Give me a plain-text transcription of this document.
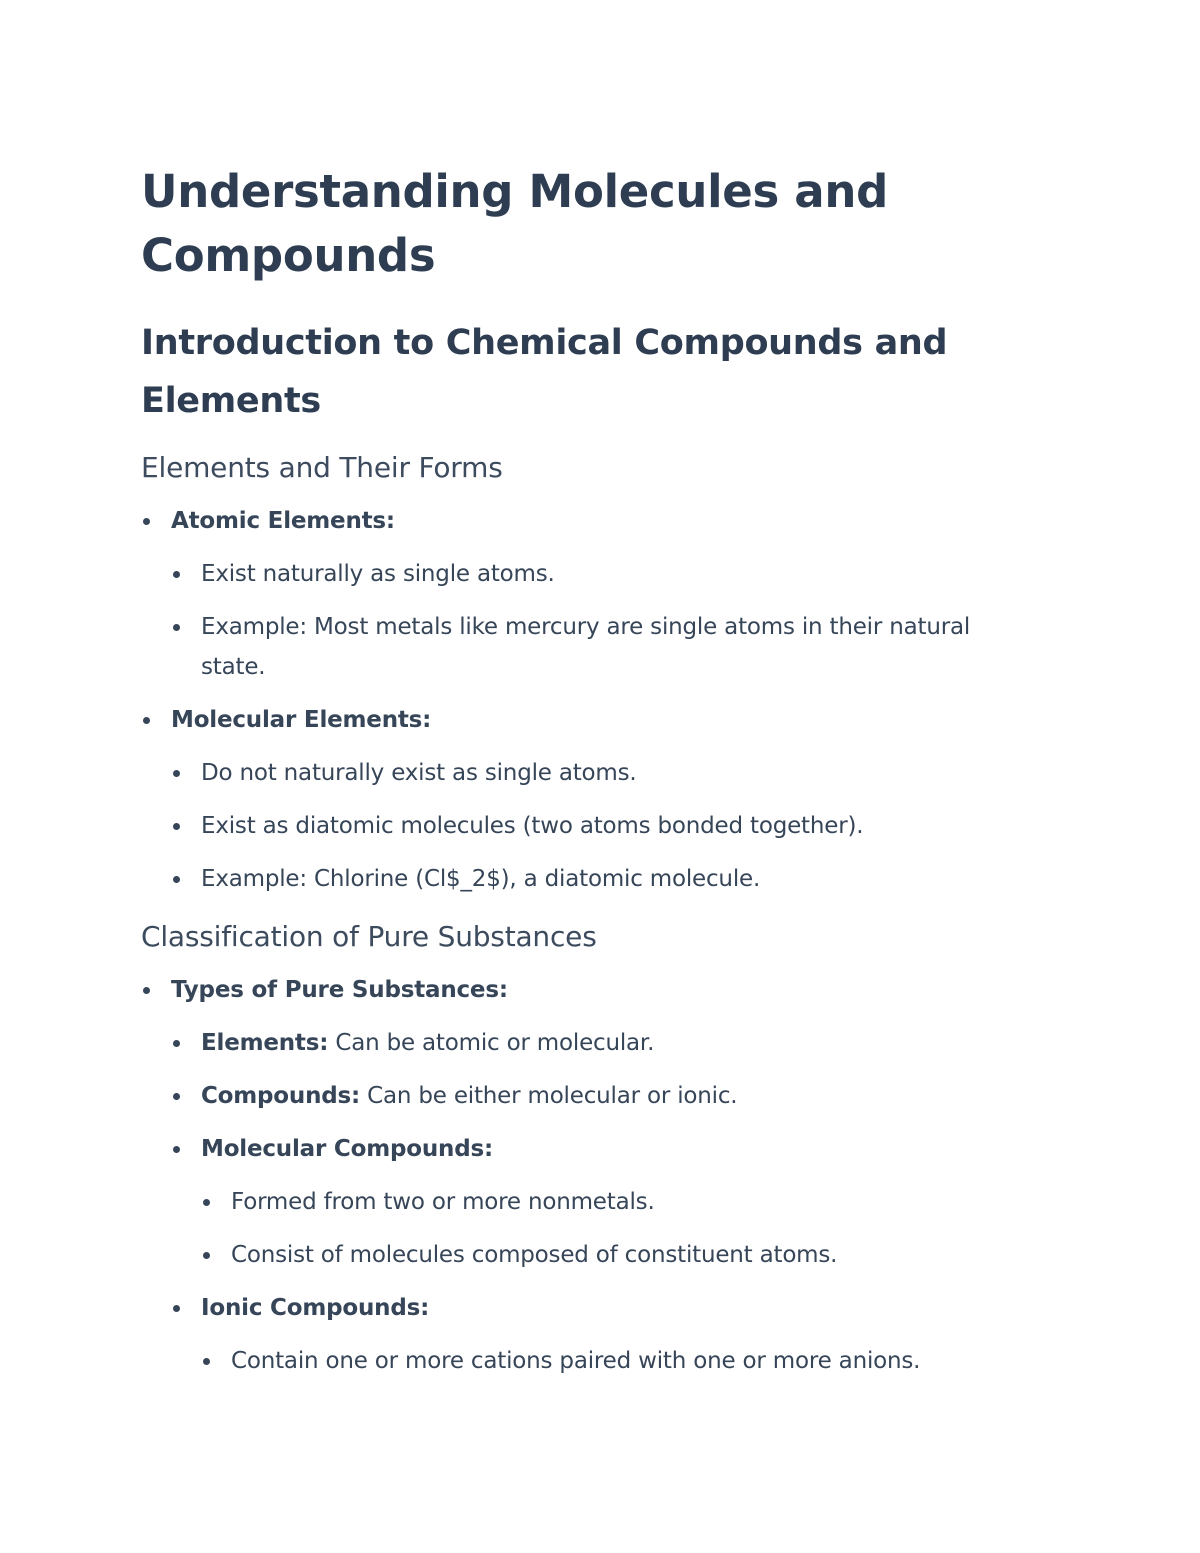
Understanding Molecules and Compounds
Introduction to Chemical Compounds and Elements
Elements and Their Forms
Atomic Elements:
Exist naturally as single atoms.
Example: Most metals like mercury are single atoms in their natural state.
Molecular Elements:
Do not naturally exist as single atoms.
Exist as diatomic molecules (two atoms bonded together).
Example: Chlorine (Cl$_2$), a diatomic molecule.
Classification of Pure Substances
Types of Pure Substances:
Elements: Can be atomic or molecular.
Compounds: Can be either molecular or ionic.
Molecular Compounds:
Formed from two or more nonmetals.
Consist of molecules composed of constituent atoms.
Ionic Compounds:
Contain one or more cations paired with one or more anions.
